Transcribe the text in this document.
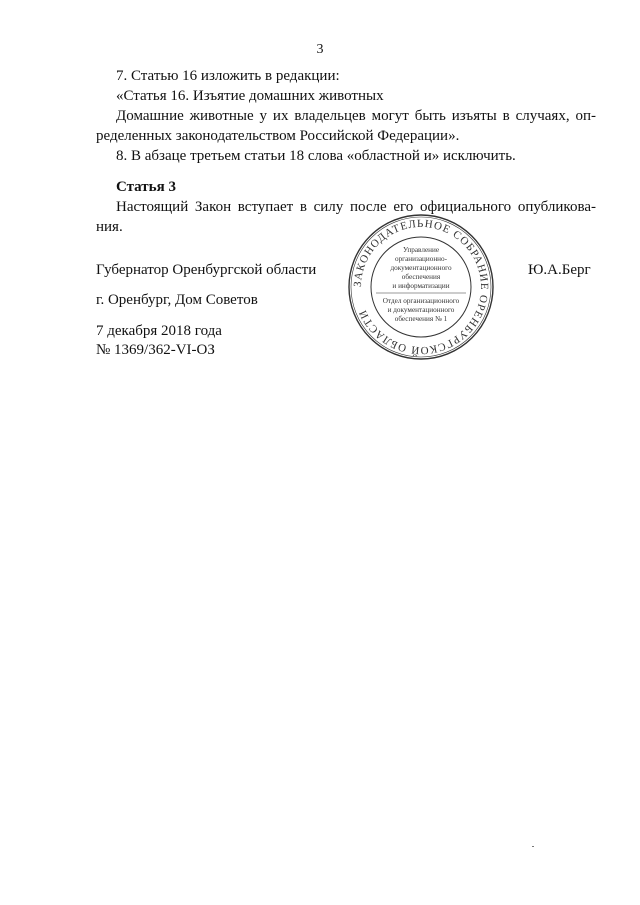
3
7. Статью 16 изложить в редакции:
«Статья 16. Изъятие домашних животных
Домашние животные у их владельцев могут быть изъяты в случаях, оп-
ределенных законодательством Российской Федерации».
8. В абзаце третьем статьи 18 слова «областной и» исключить.
Статья 3
Настоящий Закон вступает в силу после его официального опубликова-
ния.
Губернатор Оренбургской области	Ю.А.Берг
г. Оренбург, Дом Советов
7 декабря 2018 года
№ 1369/362-VI-ОЗ
ЗАКОНОДАТЕЛЬНОЕ СОБРАНИЕ ОРЕНБУРГСКОЙ ОБЛАСТИ
Управление
организационно-
документационного
обеспечения
и информатизации
Отдел организационного
и документационного
обеспечения № 1
